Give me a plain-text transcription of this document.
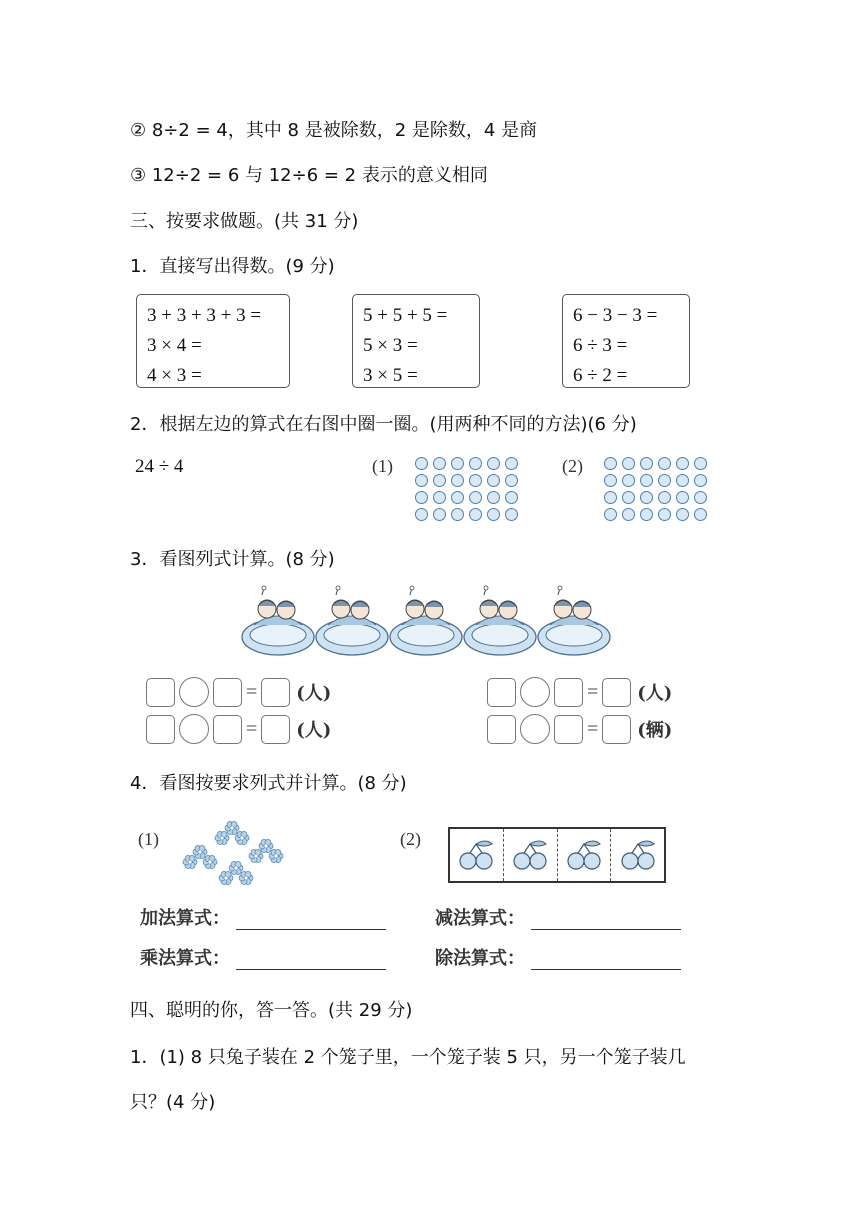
② 8÷2 = 4，其中 8 是被除数，2 是除数，4 是商
③ 12÷2 = 6 与 12÷6 = 2 表示的意义相同
三、按要求做题。(共 31 分)
1．直接写出得数。(9 分)
3 + 3 + 3 + 3 =
3 × 4 =
4 × 3 =
5 + 5 + 5 =
5 × 3 =
3 × 5 =
6 − 3 − 3 =
6 ÷ 3 =
6 ÷ 2 =
2．根据左边的算式在右图中圈一圈。(用两种不同的方法)(6 分)
24 ÷ 4	(1)	(2)
3．看图列式计算。(8 分)
= (人)
= (人)
= (人)
= (辆)
4．看图按要求列式并计算。(8 分)
(1)	(2)
加法算式：	减法算式：
乘法算式：	除法算式：
四、聪明的你，答一答。(共 29 分)
1．(1) 8 只兔子装在 2 个笼子里，一个笼子装 5 只，另一个笼子装几
只？(4 分)
